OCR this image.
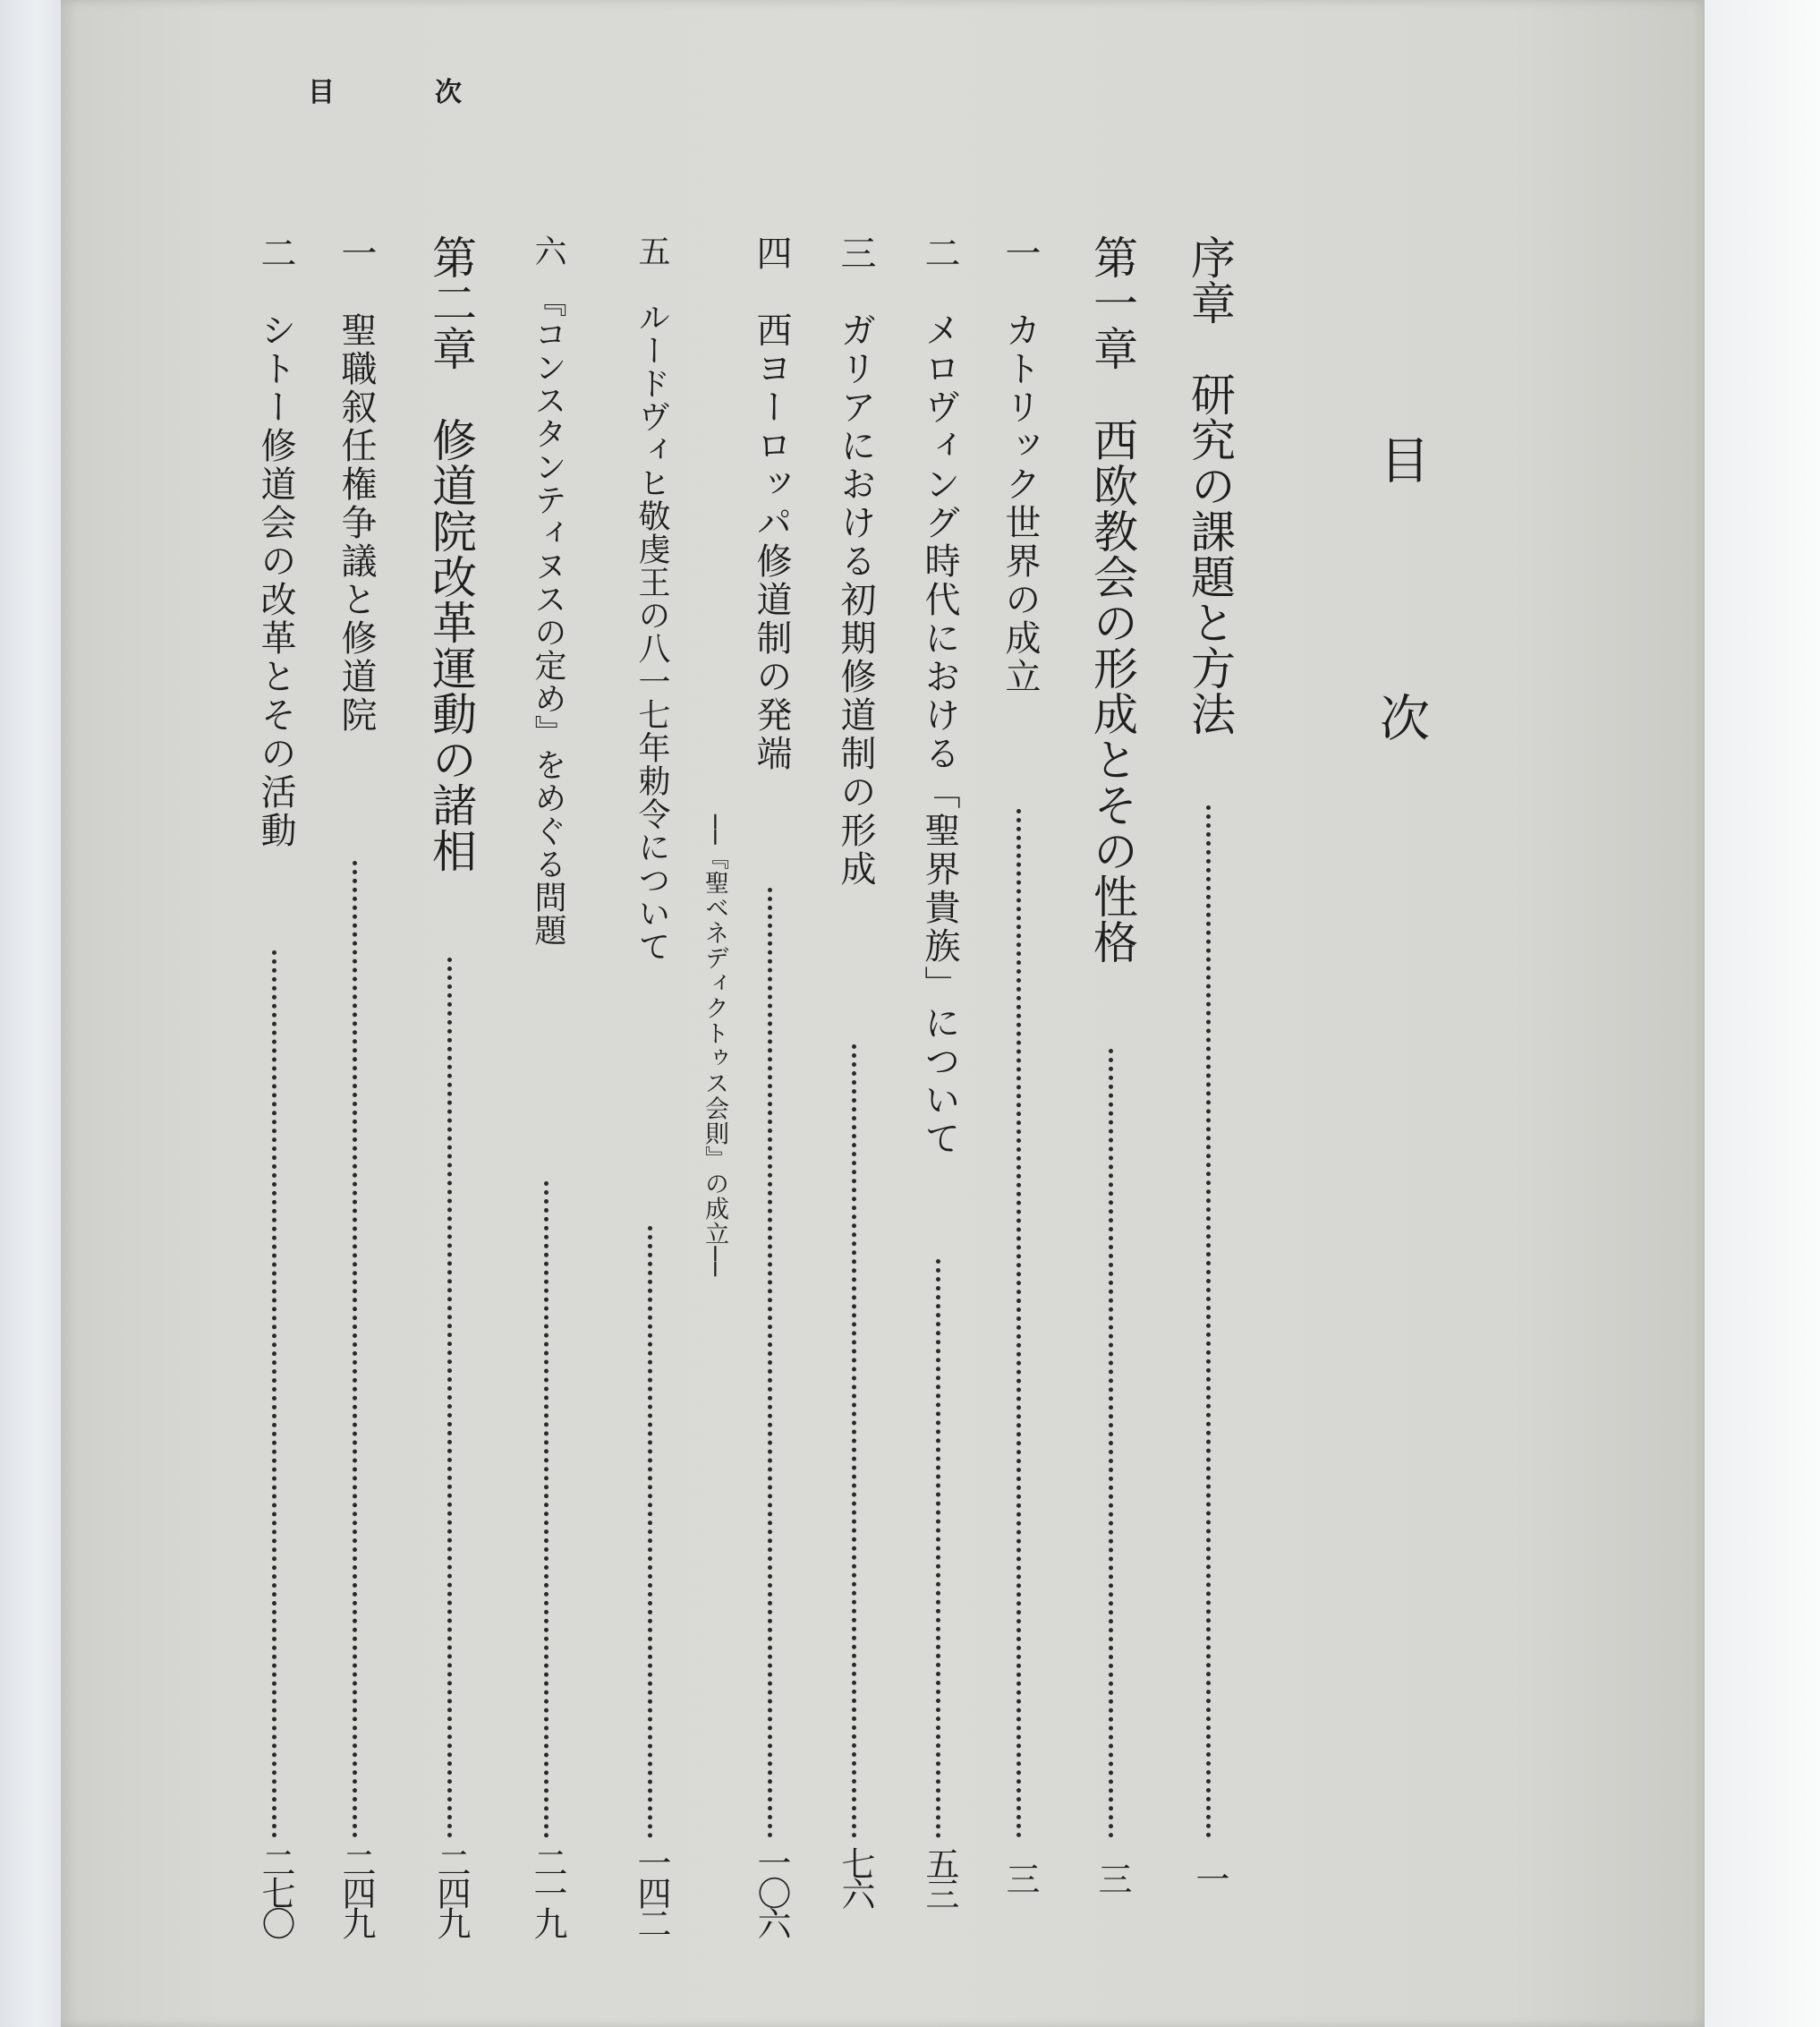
目	次
目　次
序章　研究の課題と方法
一
第一章　西欧教会の形成とその性格
三
一　カトリック世界の成立
三
二　メロヴィング時代における「聖界貴族」について
五三
三　ガリアにおける初期修道制の形成
七六
四　西ヨーロッパ修道制の発端
一〇六
──『聖ベネディクトゥス会則』の成立──
五　ルードヴィヒ敬虔王の八一七年勅令について
一四二
六　『コンスタンティヌスの定め』をめぐる問題
二一九
第二章　修道院改革運動の諸相
二四九
一　聖職叙任権争議と修道院
二四九
二　シトー修道会の改革とその活動
二七〇
